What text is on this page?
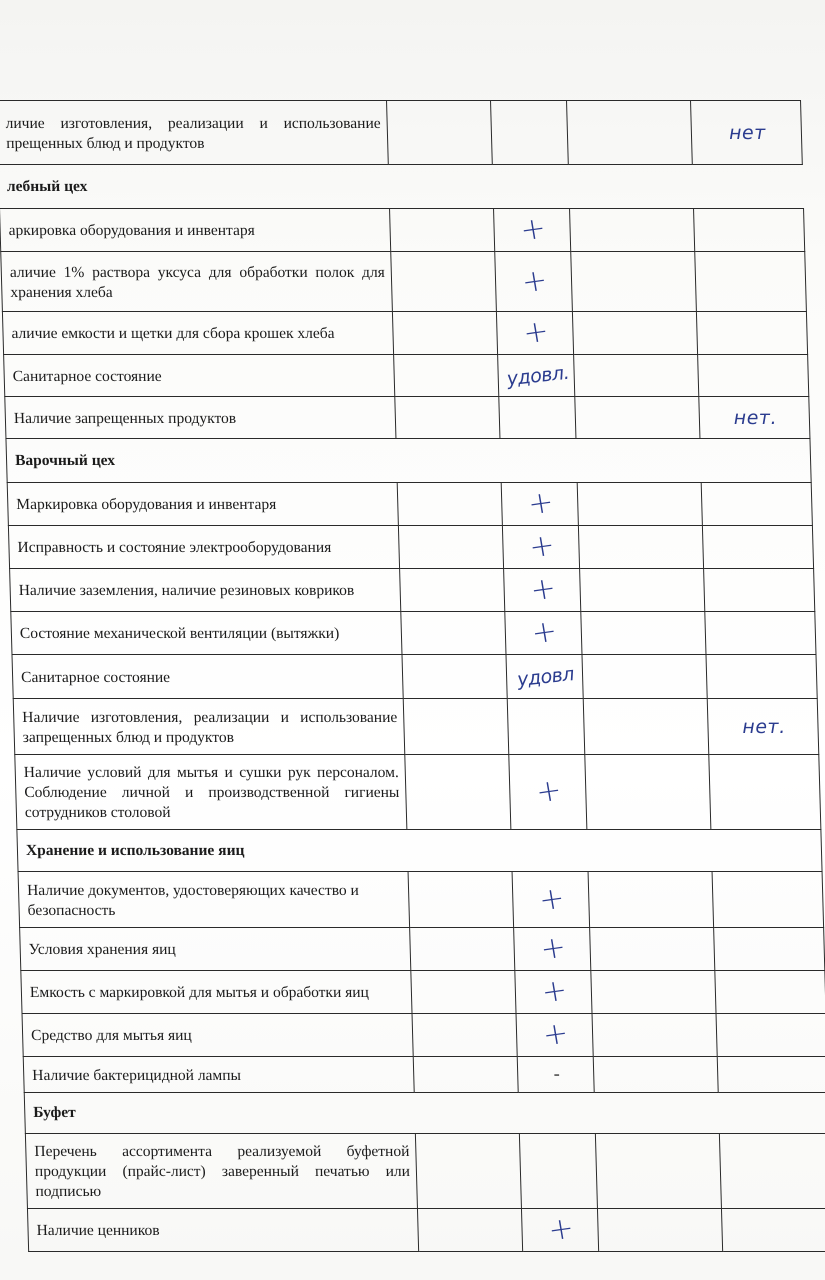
личие изготовления, реализации и использование прещенных блюд и продуктов				нет
лебный цех				
аркировка оборудования и инвентаря		+		
аличие 1% раствора уксуса для обработки полок для хранения хлеба		+		
аличие емкости и щетки для сбора крошек хлеба		+		
Санитарное состояние		удовл.		
Наличие запрещенных продуктов				нет.
Варочный цех				
Маркировка оборудования и инвентаря		+		
Исправность и состояние электрооборудования		+		
Наличие заземления, наличие резиновых ковриков		+		
Состояние механической вентиляции (вытяжки)		+		
Санитарное состояние		удовл		
Наличие изготовления, реализации и использование запрещенных блюд и продуктов				нет.
Наличие условий для мытья и сушки рук персоналом. Соблюдение личной и производственной гигиены сотрудников столовой		+		
Хранение и использование яиц				
Наличие документов, удостоверяющих качество и безопасность		+		
Условия хранения яиц		+		
Емкость с маркировкой для мытья и обработки яиц		+		
Средство для мытья яиц		+		
Наличие бактерицидной лампы		-		
Буфет				
Перечень ассортимента реализуемой буфетной продукции (прайс-лист) заверенный печатью или подписью				
Наличие ценников		+		
